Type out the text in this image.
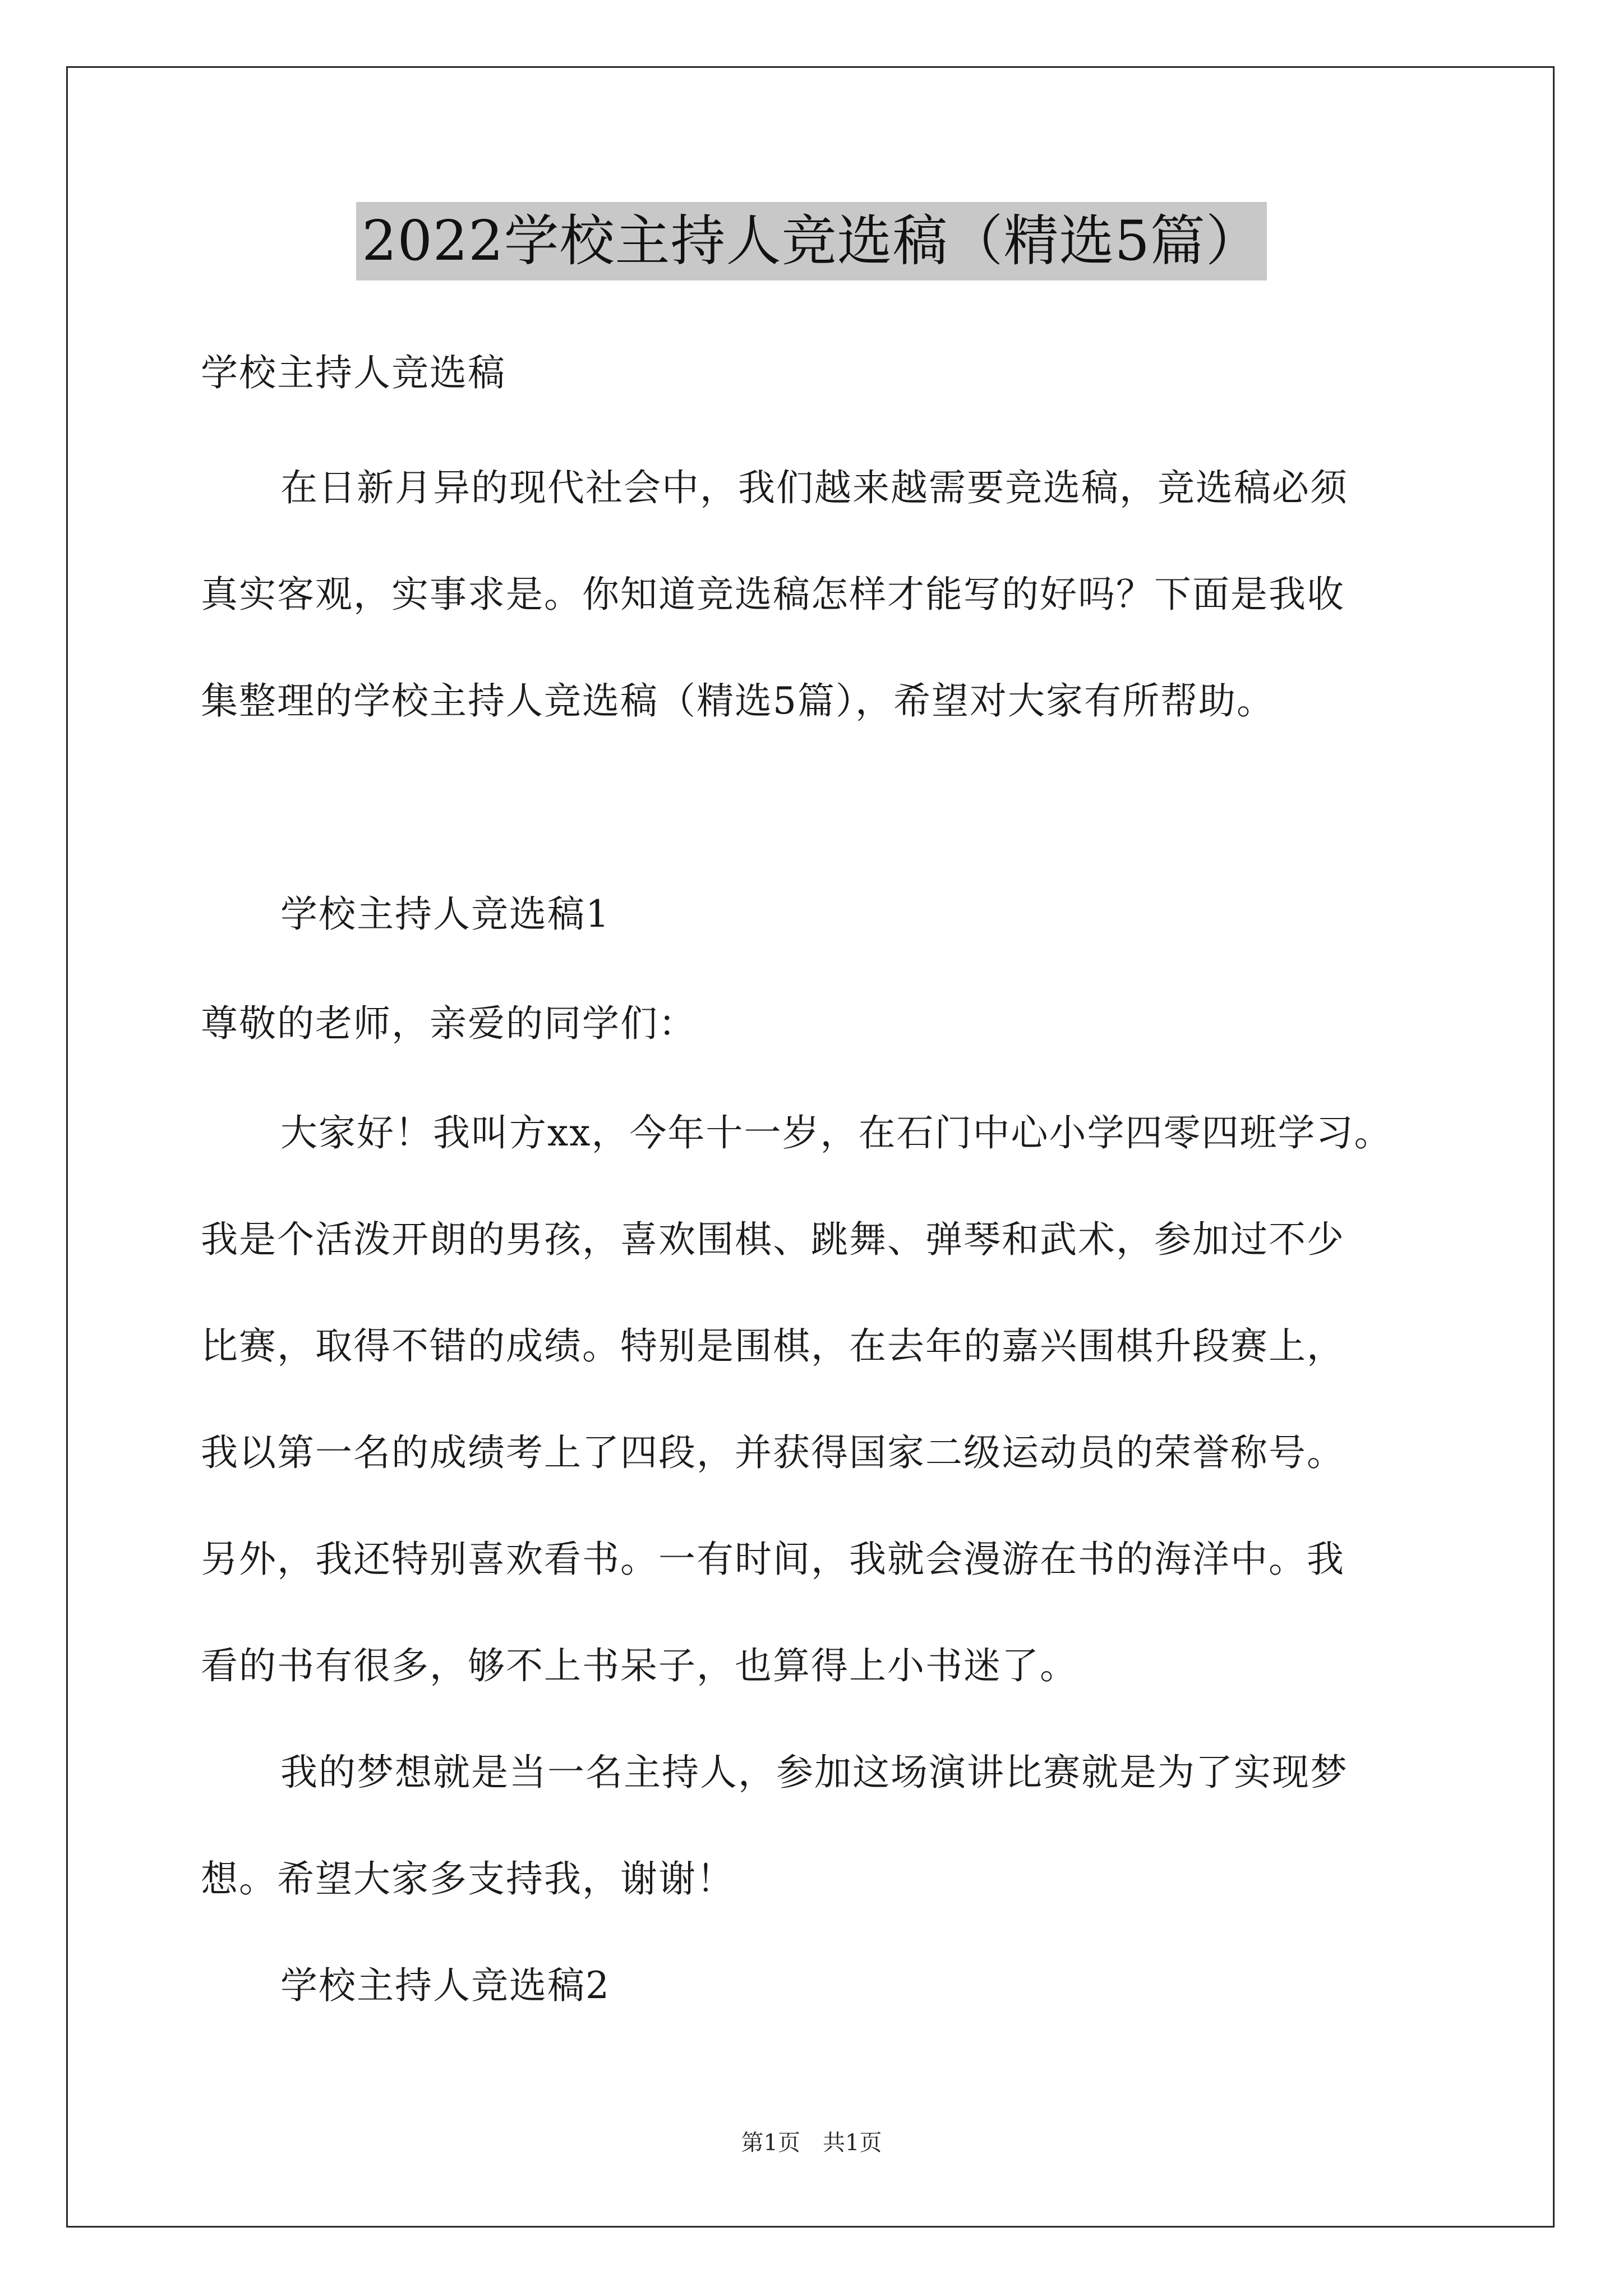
2022学校主持人竞选稿（精选5篇）
学校主持人竞选稿
在日新月异的现代社会中，我们越来越需要竞选稿，竞选稿必须
真实客观，实事求是。你知道竞选稿怎样才能写的好吗？下面是我收
集整理的学校主持人竞选稿（精选5篇），希望对大家有所帮助。
学校主持人竞选稿1
尊敬的老师，亲爱的同学们：
大家好！我叫方xx，今年十一岁，在石门中心小学四零四班学习。
我是个活泼开朗的男孩，喜欢围棋、跳舞、弹琴和武术，参加过不少
比赛，取得不错的成绩。特别是围棋，在去年的嘉兴围棋升段赛上，
我以第一名的成绩考上了四段，并获得国家二级运动员的荣誉称号。
另外，我还特别喜欢看书。一有时间，我就会漫游在书的海洋中。我
看的书有很多，够不上书呆子，也算得上小书迷了。
我的梦想就是当一名主持人，参加这场演讲比赛就是为了实现梦
想。希望大家多支持我，谢谢！
学校主持人竞选稿2
第1页　共1页
